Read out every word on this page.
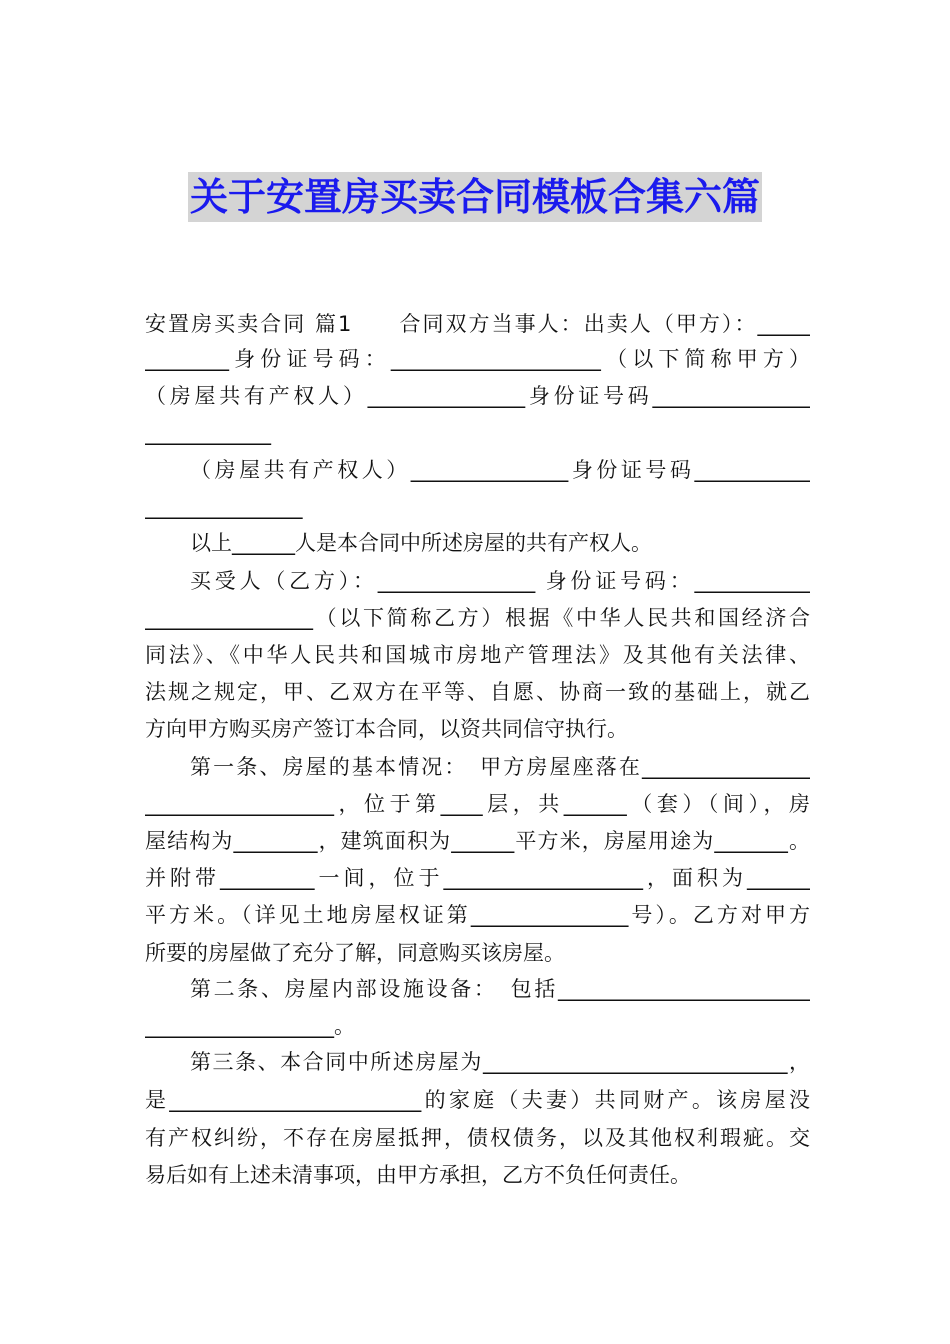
关于安置房买卖合同模板合集六篇
安置房买卖合同 篇1　　合同双方当事人：出卖人（甲方）：_____
________身份证号码：____________________（以下简称甲方）
（房屋共有产权人）_______________身份证号码_______________
____________
（房屋共有产权人）_______________身份证号码___________
_______________
以上______人是本合同中所述房屋的共有产权人。
买受人（乙方）：_______________ 身份证号码：___________
________________（以下简称乙方）根据《中华人民共和国经济合
同法》、《中华人民共和国城市房地产管理法》及其他有关法律、
法规之规定，甲、乙双方在平等、自愿、协商一致的基础上，就乙
方向甲方购买房产签订本合同，以资共同信守执行。
第一条、房屋的基本情况：　甲方房屋座落在________________
__________________，位于第____层，共______（套）（间），房
屋结构为________，建筑面积为______平方米，房屋用途为_______。
并附带_________一间，位于___________________，面积为______
平方米。（详见土地房屋权证第_______________号）。乙方对甲方
所要的房屋做了充分了解，同意购买该房屋。
第二条、房屋内部设施设备：　包括________________________
__________________。
第三条、本合同中所述房屋为_____________________________，
是________________________的家庭（夫妻）共同财产。该房屋没
有产权纠纷，不存在房屋抵押，债权债务，以及其他权利瑕疵。交
易后如有上述未清事项，由甲方承担，乙方不负任何责任。
